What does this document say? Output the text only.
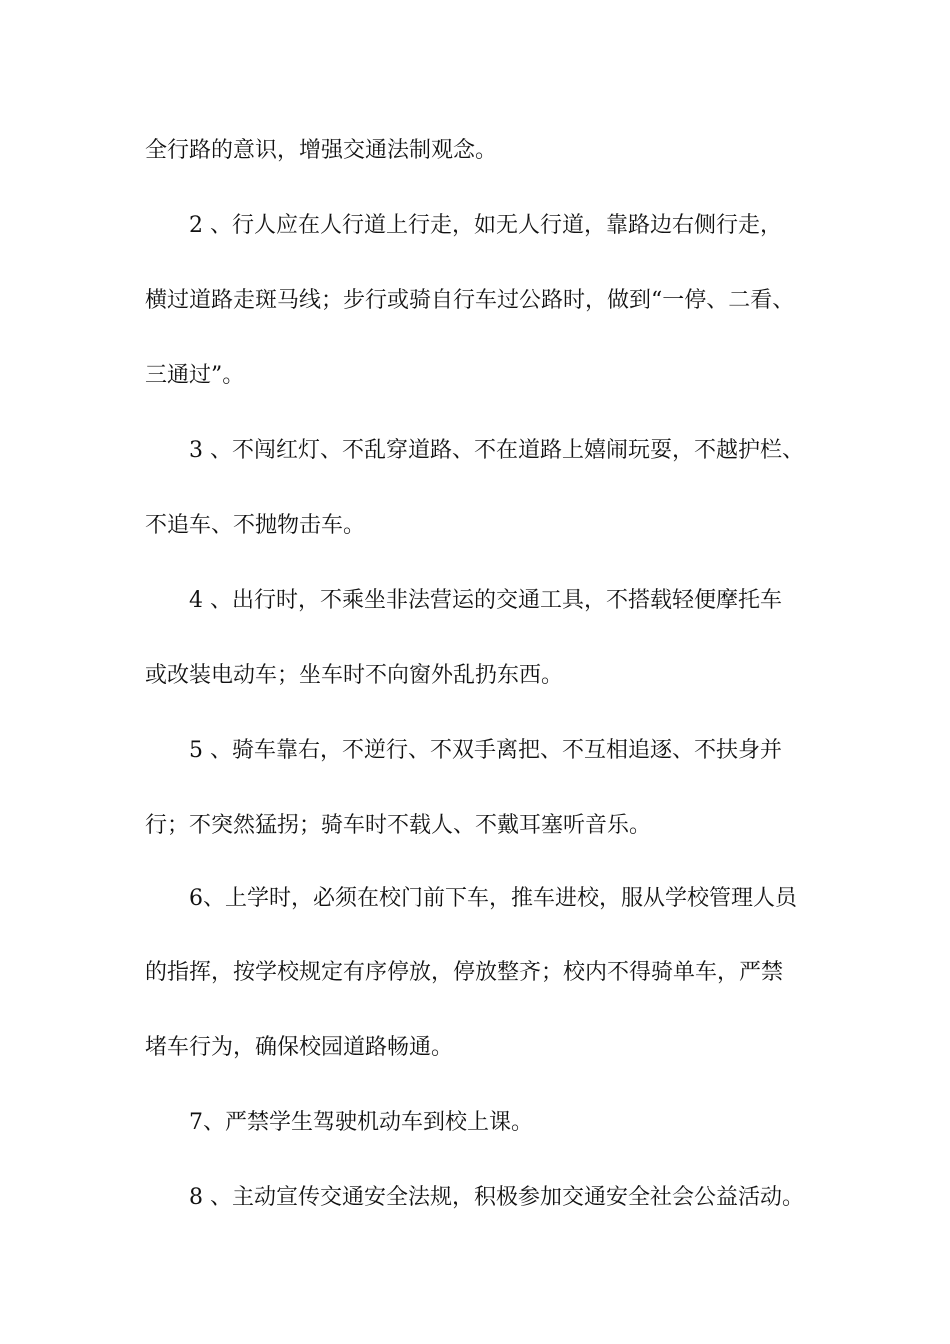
全行路的意识，增强交通法制观念。
2 、行人应在人行道上行走，如无人行道，靠路边右侧行走，
横过道路走斑马线；步行或骑自行车过公路时，做到“一停、二看、
三通过”。
3 、不闯红灯、不乱穿道路、不在道路上嬉闹玩耍，不越护栏、
不追车、不抛物击车。
4 、出行时，不乘坐非法营运的交通工具，不搭载轻便摩托车
或改装电动车；坐车时不向窗外乱扔东西。
5 、骑车靠右，不逆行、不双手离把、不互相追逐、不扶身并
行；不突然猛拐；骑车时不载人、不戴耳塞听音乐。
6、上学时，必须在校门前下车，推车进校，服从学校管理人员
的指挥，按学校规定有序停放，停放整齐；校内不得骑单车，严禁
堵车行为，确保校园道路畅通。
7、严禁学生驾驶机动车到校上课。
8 、主动宣传交通安全法规，积极参加交通安全社会公益活动。
